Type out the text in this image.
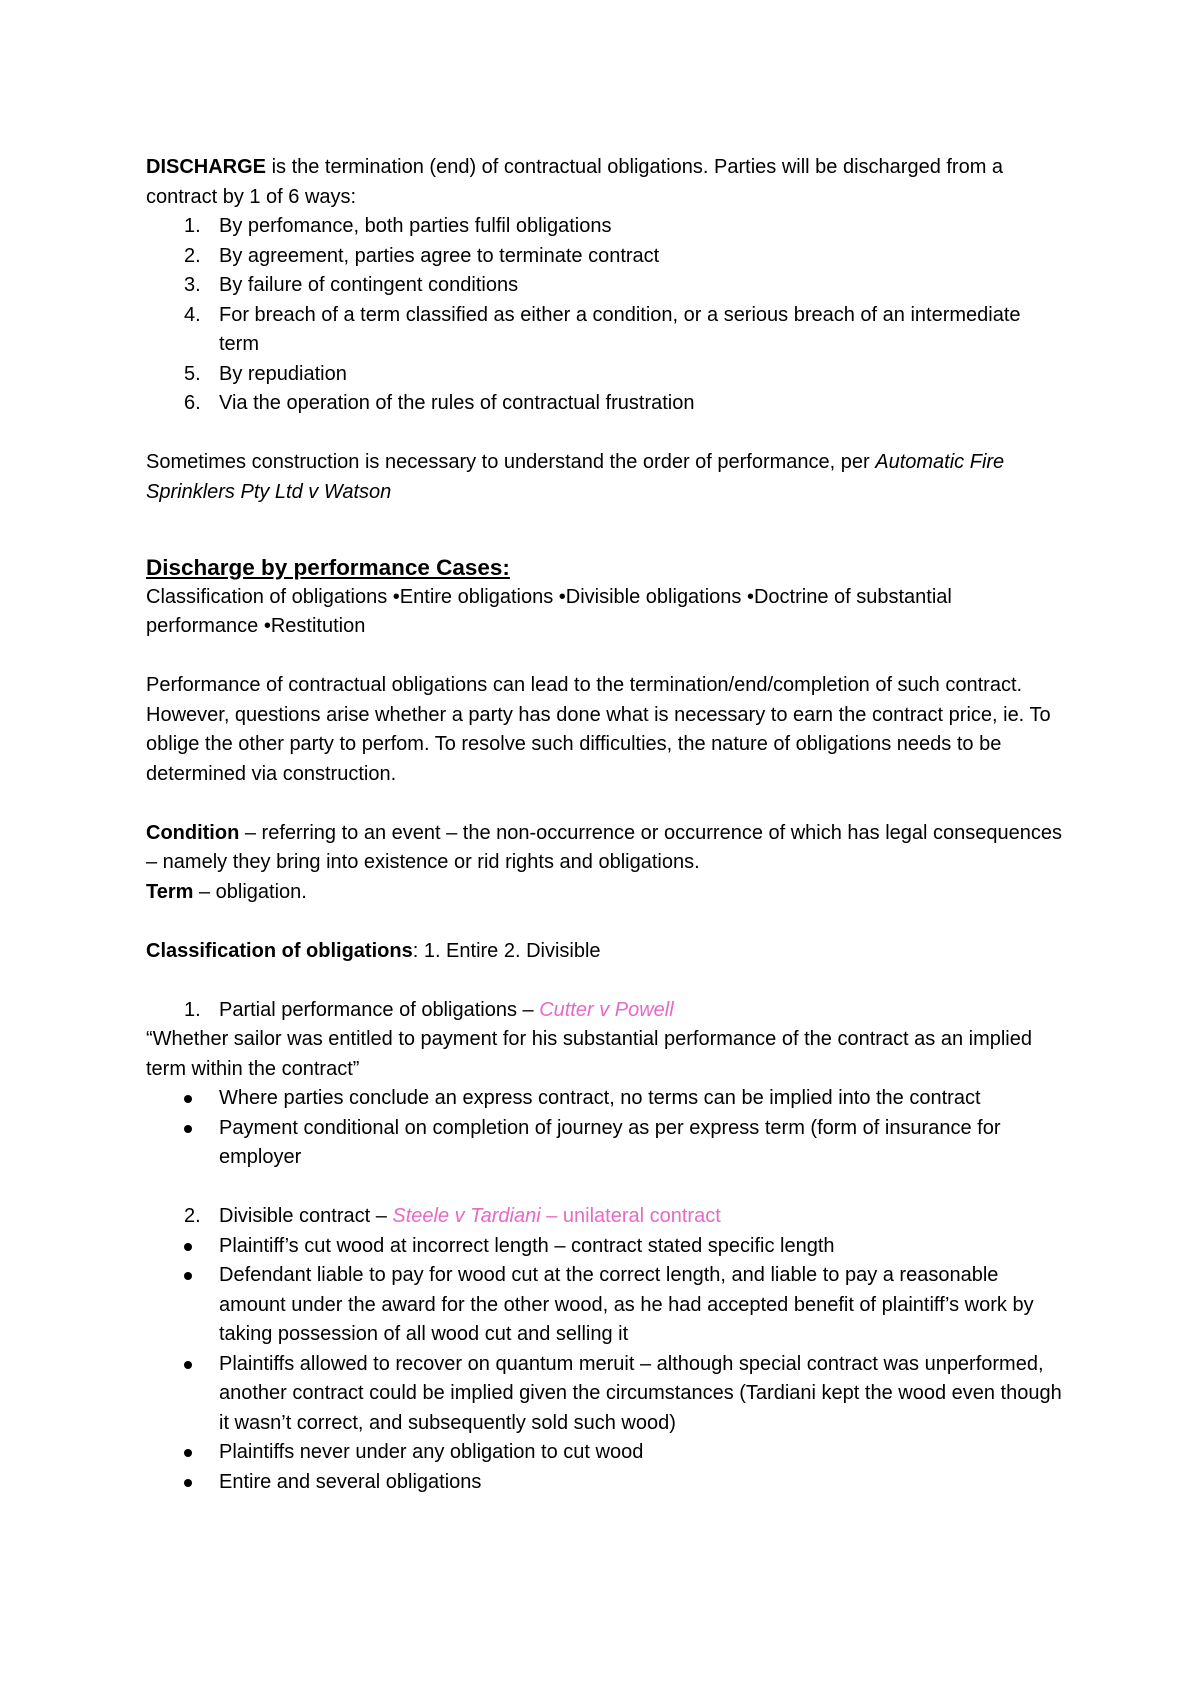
DISCHARGE is the termination (end) of contractual obligations. Parties will be discharged from a contract by 1 of 6 ways:

1. By perfomance, both parties fulfil obligations
2. By agreement, parties agree to terminate contract
3. By failure of contingent conditions
4. For breach of a term classified as either a condition, or a serious breach of an intermediate term
5. By repudiation
6. Via the operation of the rules of contractual frustration

Sometimes construction is necessary to understand the order of performance, per Automatic Fire Sprinklers Pty Ltd v Watson

Discharge by performance Cases:

Classification of obligations •Entire obligations •Divisible obligations •Doctrine of substantial performance •Restitution

Performance of contractual obligations can lead to the termination/end/completion of such contract. However, questions arise whether a party has done what is necessary to earn the contract price, ie. To oblige the other party to perfom. To resolve such difficulties, the nature of obligations needs to be determined via construction.

Condition – referring to an event – the non-occurrence or occurrence of which has legal consequences – namely they bring into existence or rid rights and obligations.

Term – obligation.

Classification of obligations: 1. Entire 2. Divisible

1. Partial performance of obligations – Cutter v Powell

“Whether sailor was entitled to payment for his substantial performance of the contract as an implied term within the contract”

Where parties conclude an express contract, no terms can be implied into the contract
Payment conditional on completion of journey as per express term (form of insurance for employer
2. Divisible contract – Steele v Tardiani – unilateral contract
Plaintiff’s cut wood at incorrect length – contract stated specific length
Defendant liable to pay for wood cut at the correct length, and liable to pay a reasonable amount under the award for the other wood, as he had accepted benefit of plaintiff’s work by taking possession of all wood cut and selling it
Plaintiffs allowed to recover on quantum meruit – although special contract was unperformed, another contract could be implied given the circumstances (Tardiani kept the wood even though it wasn’t correct, and subsequently sold such wood)
Plaintiffs never under any obligation to cut wood
Entire and several obligations
